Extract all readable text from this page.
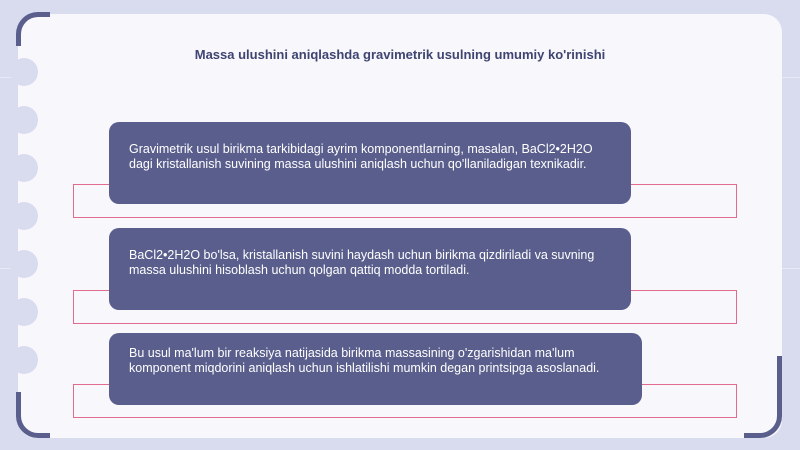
Massa ulushini aniqlashda gravimetrik usulning umumiy ko'rinishi
Gravimetrik usul birikma tarkibidagi ayrim komponentlarning, masalan, BaCl2•2H2O dagi kristallanish suvining massa ulushini aniqlash uchun qo'llaniladigan texnikadir.
BaCl2•2H2O bo'lsa, kristallanish suvini haydash uchun birikma qizdiriladi va suvning massa ulushini hisoblash uchun qolgan qattiq modda tortiladi.
Bu usul ma'lum bir reaksiya natijasida birikma massasining o'zgarishidan ma'lum komponent miqdorini aniqlash uchun ishlatilishi mumkin degan printsipga asoslanadi.
